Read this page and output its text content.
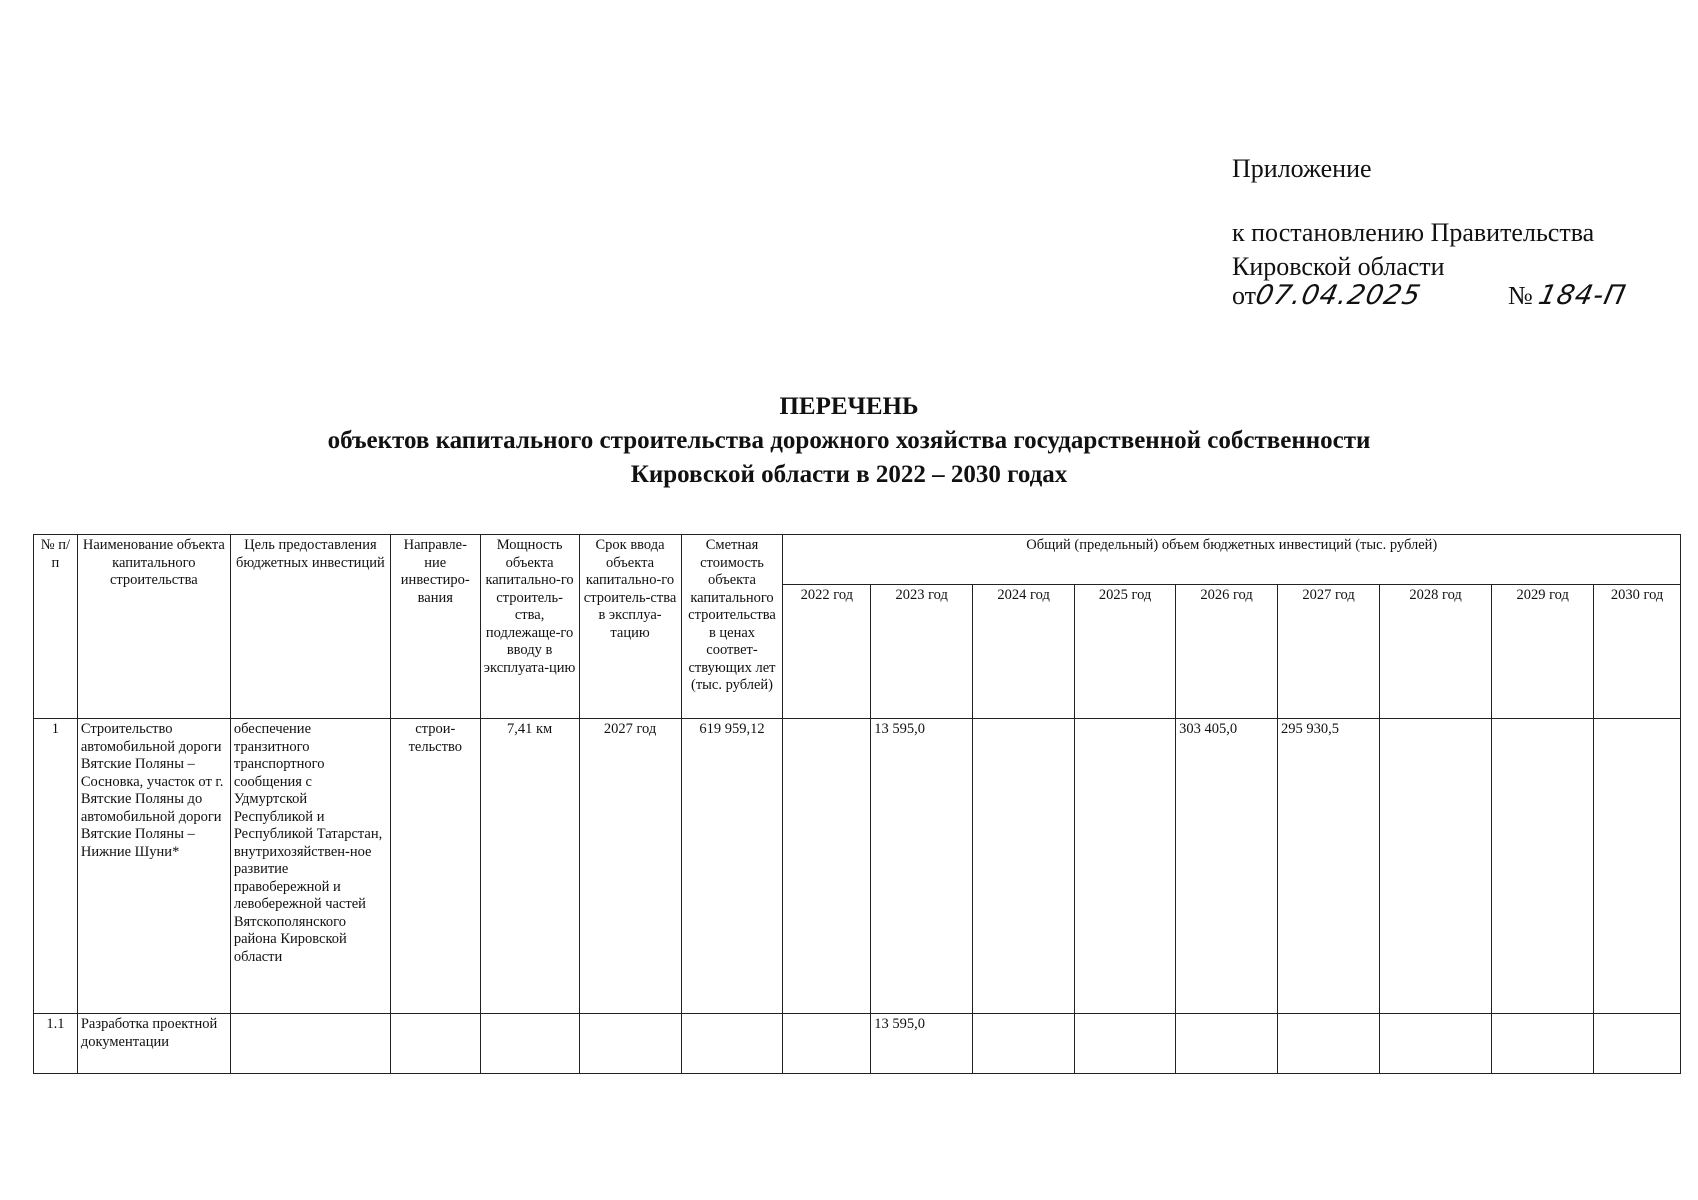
Приложение
к постановлению Правительства
Кировской области
от07.04.2025	№ 184-П
ПЕРЕЧЕНЬ
объектов капитального строительства дорожного хозяйства государственной собственности
Кировской области в 2022 – 2030 годах
№ п/п	Наименование объекта капитального строительства	Цель предоставления бюджетных инвестиций	Направле-ние инвестиро-вания	Мощность объекта капитально-го строитель-ства, подлежаще-го вводу в эксплуата-цию	Срок ввода объекта капитально-го строитель-ства в эксплуа-тацию	Сметная стоимость объекта капитального строительства в ценах соответ-ствующих лет (тыс. рублей)	Общий (предельный) объем бюджетных инвестиций (тыс. рублей)								
							2022 год	2023 год	2024 год	2025 год	2026 год	2027 год	2028 год	2029 год	2030 год
1	Строительство автомобильной дороги Вятские Поляны – Сосновка, участок от г. Вятские Поляны до автомобильной дороги Вятские Поляны – Нижние Шуни*	обеспечение транзитного транспортного сообщения с Удмуртской Республикой и Республикой Татарстан, внутрихозяйствен-ное развитие правобережной и левобережной частей Вятскополянского района Кировской области	строи-тельство	7,41 км	2027 год	619 959,12		13 595,0			303 405,0	295 930,5			
1.1	Разработка проектной документации							13 595,0							
